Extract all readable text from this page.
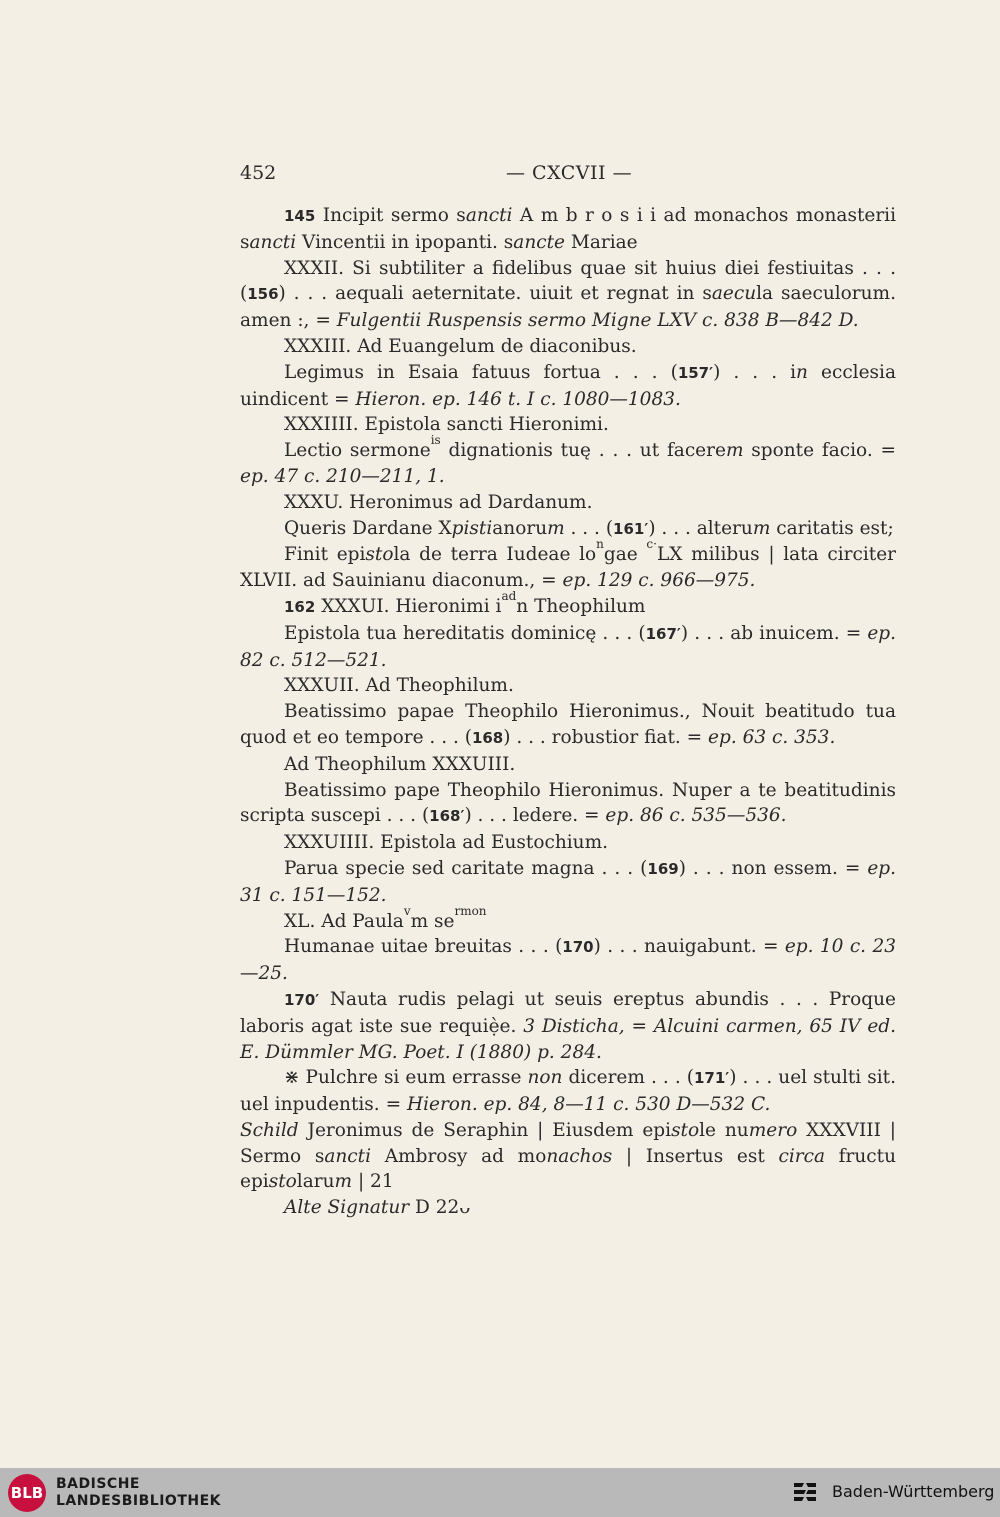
452	— CXCVII —

145 Incipit sermo sancti A m b r o s i i ad monachos monasterii sancti Vincentii in ipopanti. sancte Mariae

XXXII. Si subtiliter a fidelibus quae sit huius diei festiuitas . . . (156) . . . aequali aeternitate. uiuit et regnat in saecula saeculorum. amen :, = Fulgentii Ruspensis sermo Migne LXV c. 838 B—842 D.

XXXIII. Ad Euangelum de diaconibus.

Legimus in Esaia fatuus fortua . . . (157′) . . . in ecclesia uindicent = Hieron. ep. 146 t. I c. 1080—1083.

XXXIIII. Epistola sancti Hieronimi.

Lectio sermone$^{is}$ dignationis tuę . . . ut facerem sponte facio. = ep. 47 c. 210—211, 1.

XXXU. Heronimus ad Dardanum.

Queris Dardane Xpistianorum . . . (161′) . . . alterum caritatis est;

Finit epistola de terra Iudeae $lo^ngae$ $^{c\cdot}$LX milibus | lata circiter XLVII. ad Sauinianu diaconum., = ep. 129 c. 966—975.

162 XXXUI. Hieronimi $i^{ad}n$ Theophilum

Epistola tua hereditatis dominicę . . . (167′) . . . ab inuicem. = ep. 82 c. 512—521.

XXXUII. Ad Theophilum.

Beatissimo papae Theophilo Hieronimus., Nouit beatitudo tua quod et eo tempore . . . (168) . . . robustior fiat. = ep. 63 c. 353.

Ad Theophilum XXXUIII.

Beatissimo pape Theophilo Hieronimus. Nuper a te beatitudinis scripta suscepi . . . (168′) . . . ledere. = ep. 86 c. 535—536.

XXXUIIII. Epistola ad Eustochium.

Parua specie sed caritate magna . . . (169) . . . non essem. = ep. 31 c. 151—152.

XL. Ad Paula$^v$m $se^{rmon}$

Humanae uitae breuitas . . . (170) . . . nauigabunt. = ep. 10 c. 23—25.

170′ Nauta rudis pelagi ut seuis ereptus abundis . . . Proque laboris agat iste sue requiẹ̀e. 3 Disticha, = Alcuini carmen, 65 IV ed. E. Dümmler MG. Poet. I (1880) p. 284.

⋇ Pulchre si eum errasse non dicerem . . . (171′) . . . uel stulti sit. uel inpudentis. = Hieron. ep. 84, 8—11 c. 530 D—532 C.

Schild Jeronimus de Seraphin | Eiusdem epistole numero XXXVIII | Sermo sancti Ambrosy ad monachos | Insertus est circa fructu epistolarum | 21

Alte Signatur D 22ᴗ

BLB BADISCHE
LANDESBIBLIOTHEK	Baden-Württemberg
